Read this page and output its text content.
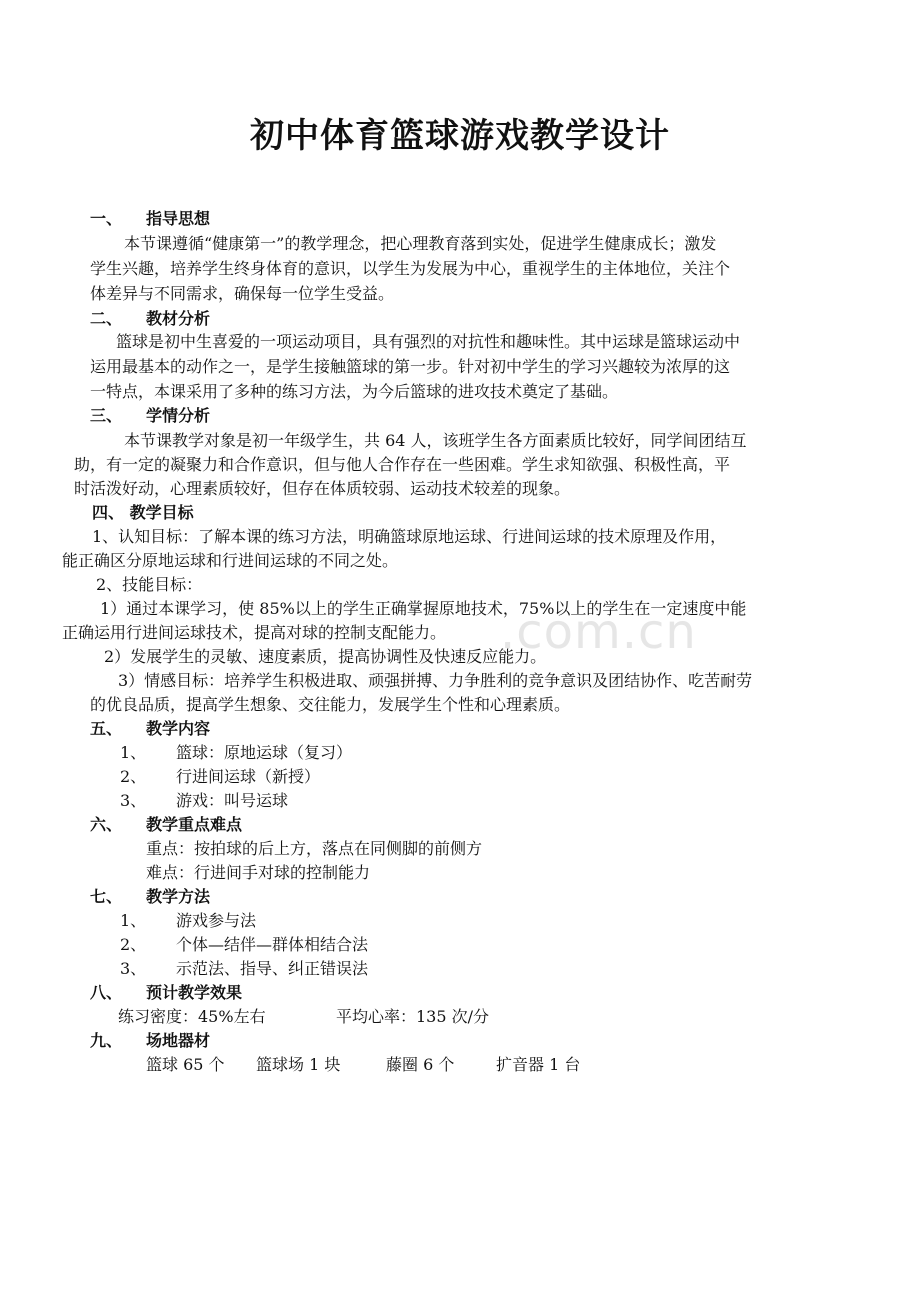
.com.cn
初中体育篮球游戏教学设计
一、 指导思想
本节课遵循“健康第一”的教学理念，把心理教育落到实处，促进学生健康成长；激发
学生兴趣，培养学生终身体育的意识，以学生为发展为中心，重视学生的主体地位，关注个
体差异与不同需求，确保每一位学生受益。
二、 教材分析
篮球是初中生喜爱的一项运动项目，具有强烈的对抗性和趣味性。其中运球是篮球运动中
运用最基本的动作之一，是学生接触篮球的第一步。针对初中学生的学习兴趣较为浓厚的这
一特点，本课采用了多种的练习方法，为今后篮球的进攻技术奠定了基础。
三、 学情分析
本节课教学对象是初一年级学生，共 64 人，该班学生各方面素质比较好，同学间团结互
助，有一定的凝聚力和合作意识，但与他人合作存在一些困难。学生求知欲强、积极性高，平
时活泼好动，心理素质较好，但存在体质较弱、运动技术较差的现象。
四、 教学目标
1、认知目标：了解本课的练习方法，明确篮球原地运球、行进间运球的技术原理及作用，
能正确区分原地运球和行进间运球的不同之处。
2、技能目标：
1）通过本课学习，使 85%以上的学生正确掌握原地技术，75%以上的学生在一定速度中能
正确运用行进间运球技术，提高对球的控制支配能力。
2）发展学生的灵敏、速度素质，提高协调性及快速反应能力。
3）情感目标：培养学生积极进取、顽强拼搏、力争胜利的竞争意识及团结协作、吃苦耐劳
的优良品质，提高学生想象、交往能力，发展学生个性和心理素质。
五、 教学内容
1、 篮球：原地运球（复习）
2、 行进间运球（新授）
3、 游戏：叫号运球
六、 教学重点难点
重点：按拍球的后上方，落点在同侧脚的前侧方
难点：行进间手对球的控制能力
七、 教学方法
1、 游戏参与法
2、 个体—结伴—群体相结合法
3、 示范法、指导、纠正错误法
八、 预计教学效果
练习密度：45%左右	平均心率：135 次/分
九、 场地器材
篮球 65 个 篮球场 1 块	藤圈 6 个	扩音器 1 台
